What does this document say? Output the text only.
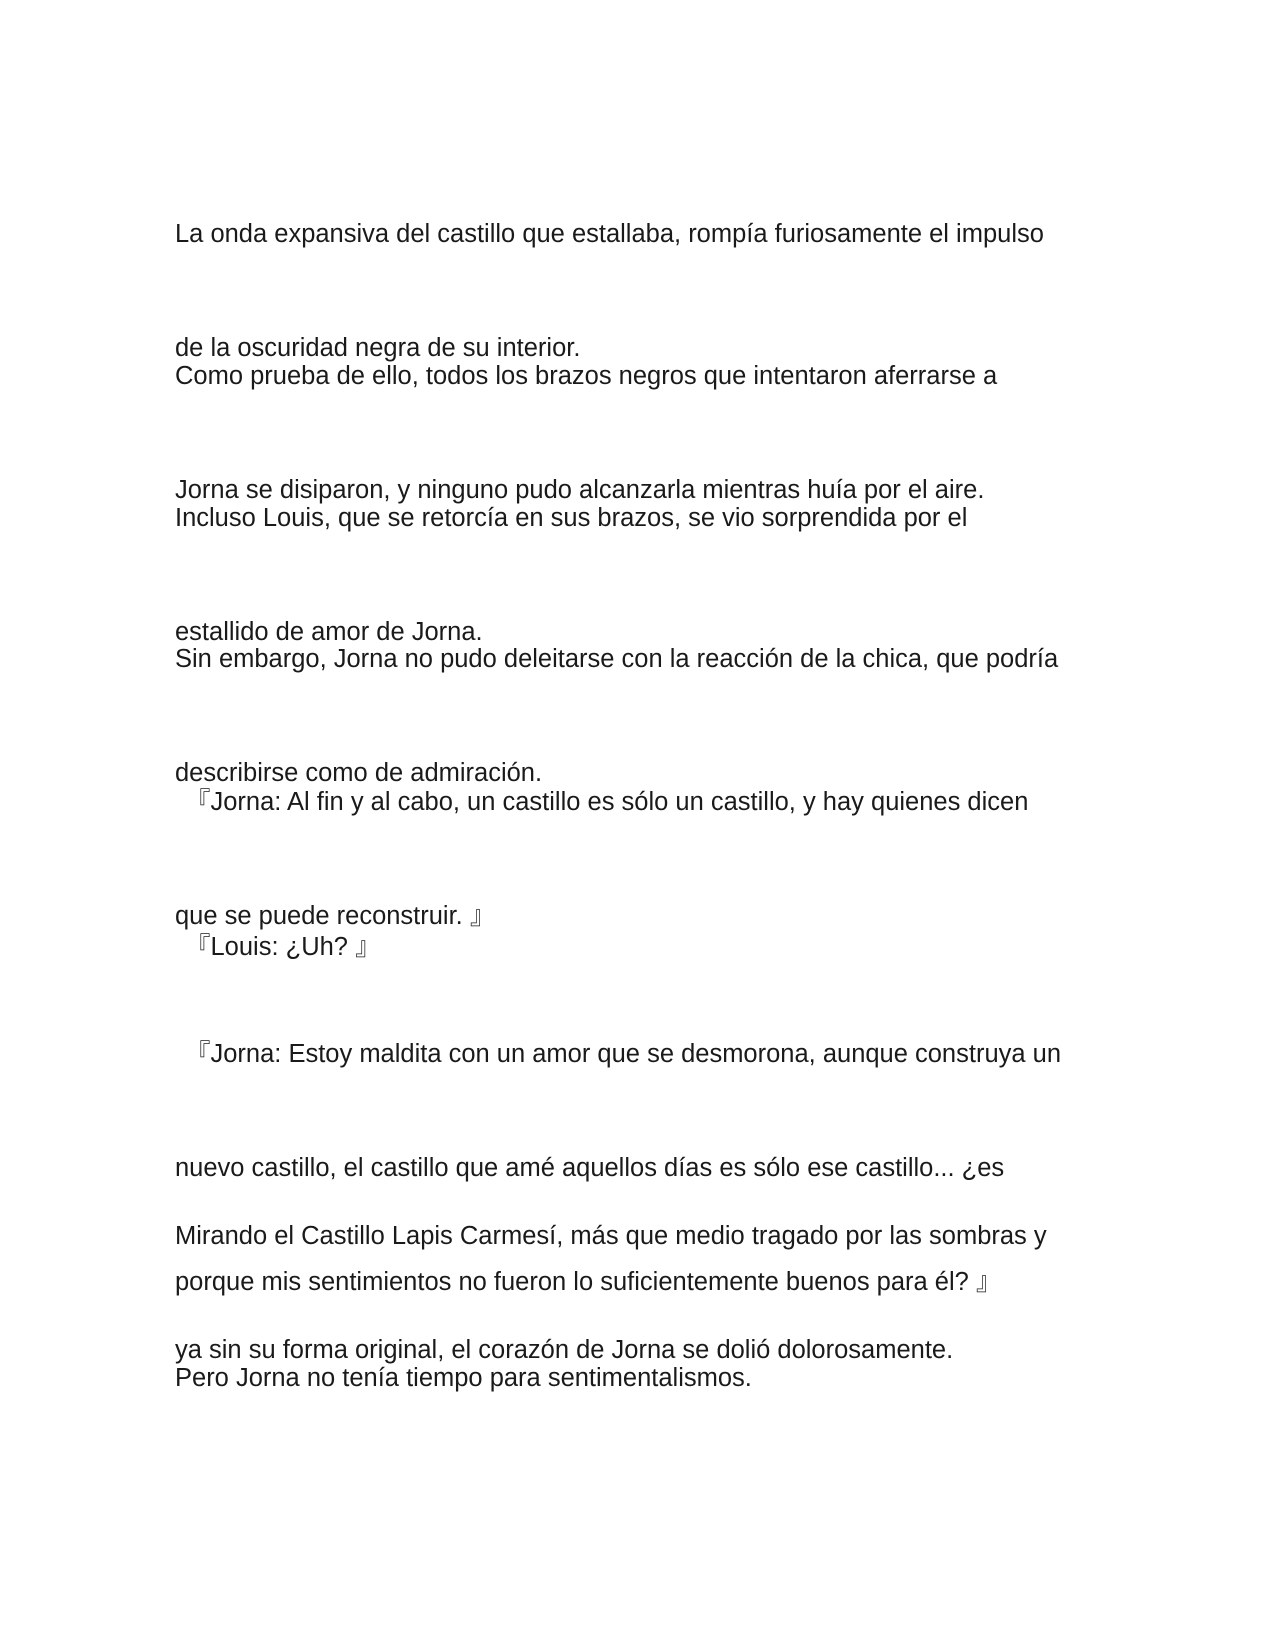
La onda expansiva del castillo que estallaba, rompía furiosamente el impulso

de la oscuridad negra de su interior.

Como prueba de ello, todos los brazos negros que intentaron aferrarse a

Jorna se disiparon, y ninguno pudo alcanzarla mientras huía por el aire.

Incluso Louis, que se retorcía en sus brazos, se vio sorprendida por el

estallido de amor de Jorna.

Sin embargo, Jorna no pudo deleitarse con la reacción de la chica, que podría

describirse como de admiración.

『Jorna: Al fin y al cabo, un castillo es sólo un castillo, y hay quienes dicen

que se puede reconstruir. 』

『Louis: ¿Uh? 』

『Jorna: Estoy maldita con un amor que se desmorona, aunque construya un

nuevo castillo, el castillo que amé aquellos días es sólo ese castillo... ¿es

porque mis sentimientos no fueron lo suficientemente buenos para él? 』

Mirando el Castillo Lapis Carmesí, más que medio tragado por las sombras y

ya sin su forma original, el corazón de Jorna se dolió dolorosamente.

Pero Jorna no tenía tiempo para sentimentalismos.
